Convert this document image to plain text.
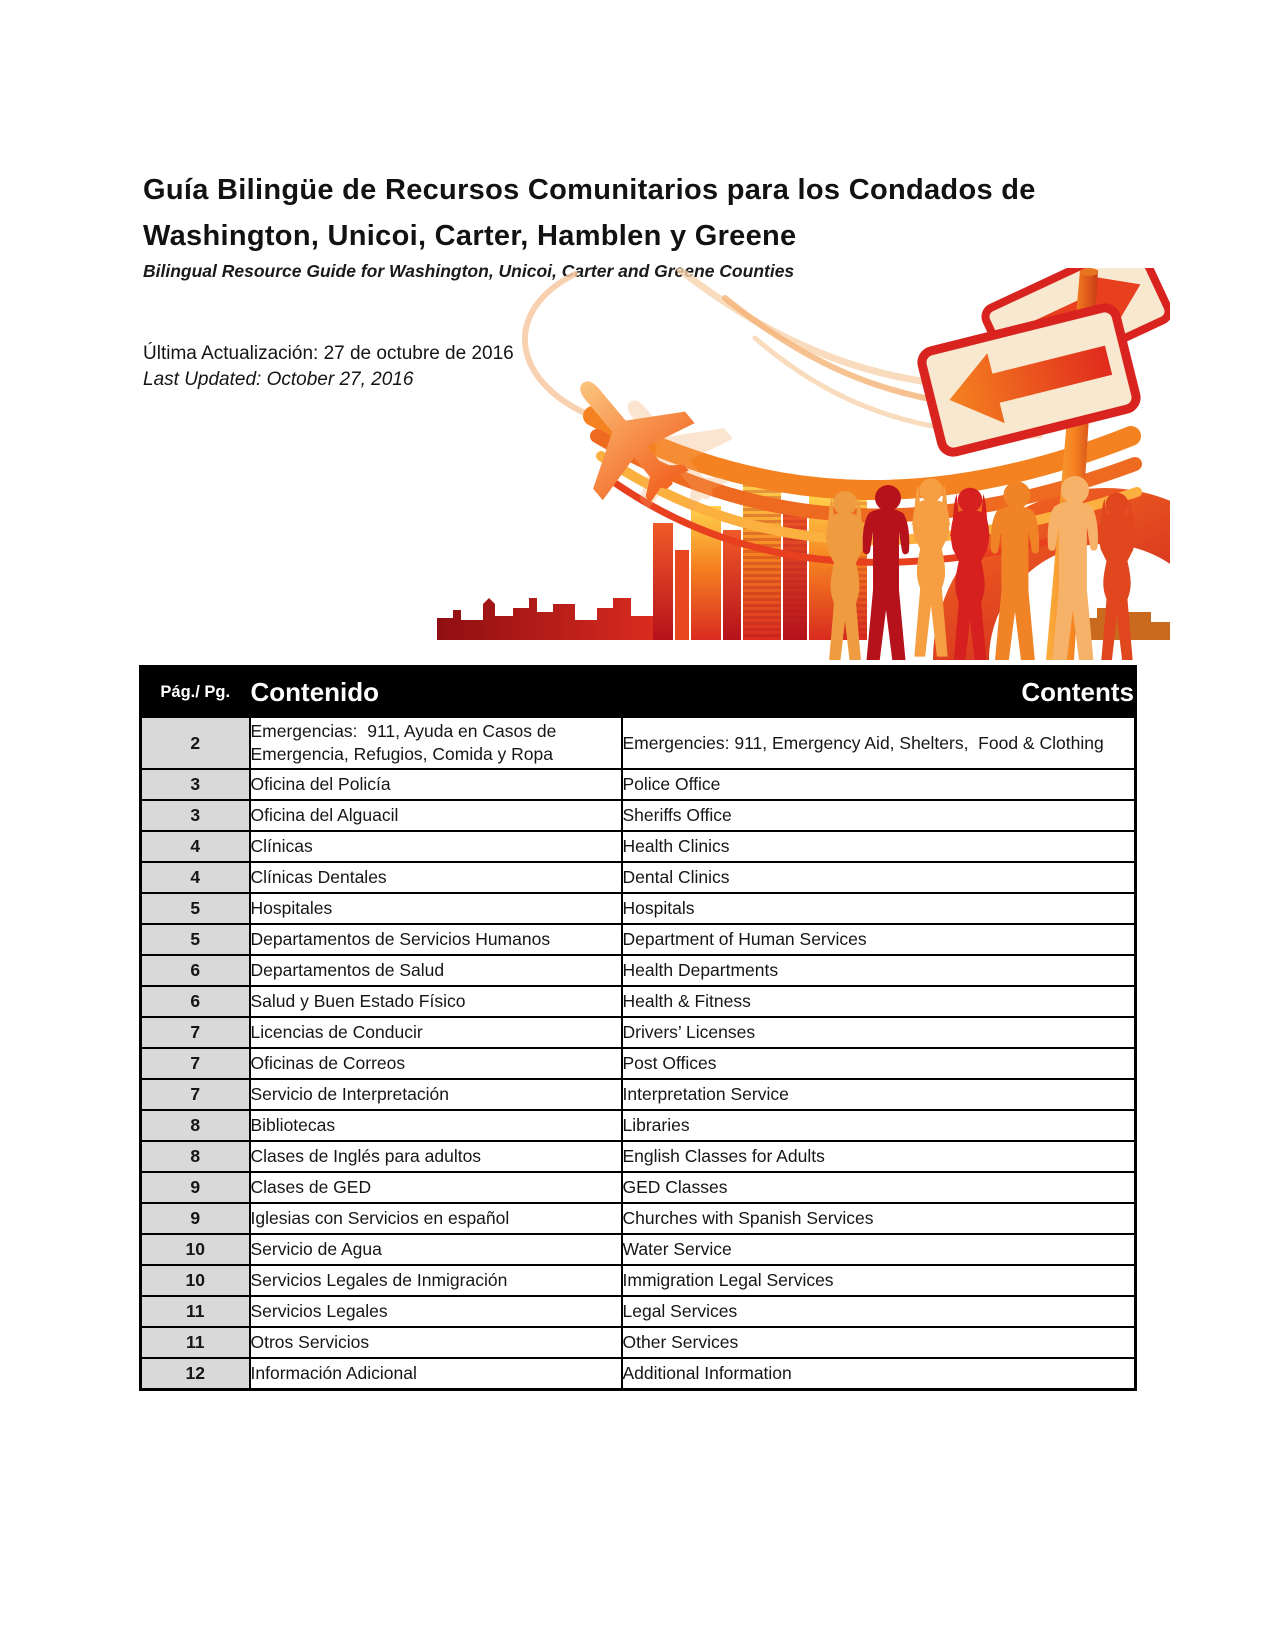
Guía Bilingüe de Recursos Comunitarios para los Condados de
Washington, Unicoi, Carter, Hamblen y Greene
Bilingual Resource Guide for Washington, Unicoi, Carter and Greene Counties
Última Actualización: 27 de octubre de 2016
Last Updated: October 27, 2016
Pág./ Pg.	Contenido	Contents
2	Emergencias:  911, Ayuda en Casos de Emergencia, Refugios, Comida y Ropa	Emergencies: 911, Emergency Aid, Shelters,  Food & Clothing
3	Oficina del Policía	Police Office
3	Oficina del Alguacil	Sheriffs Office
4	Clínicas	Health Clinics
4	Clínicas Dentales	Dental Clinics
5	Hospitales	Hospitals
5	Departamentos de Servicios Humanos	Department of Human Services
6	Departamentos de Salud	Health Departments
6	Salud y Buen Estado Físico	Health & Fitness
7	Licencias de Conducir	Drivers’ Licenses
7	Oficinas de Correos	Post Offices
7	Servicio de Interpretación	Interpretation Service
8	Bibliotecas	Libraries
8	Clases de Inglés para adultos	English Classes for Adults
9	Clases de GED	GED Classes
9	Iglesias con Servicios en español	Churches with Spanish Services
10	Servicio de Agua	Water Service
10	Servicios Legales de Inmigración	Immigration Legal Services
11	Servicios Legales	Legal Services
11	Otros Servicios	Other Services
12	Información Adicional	Additional Information
